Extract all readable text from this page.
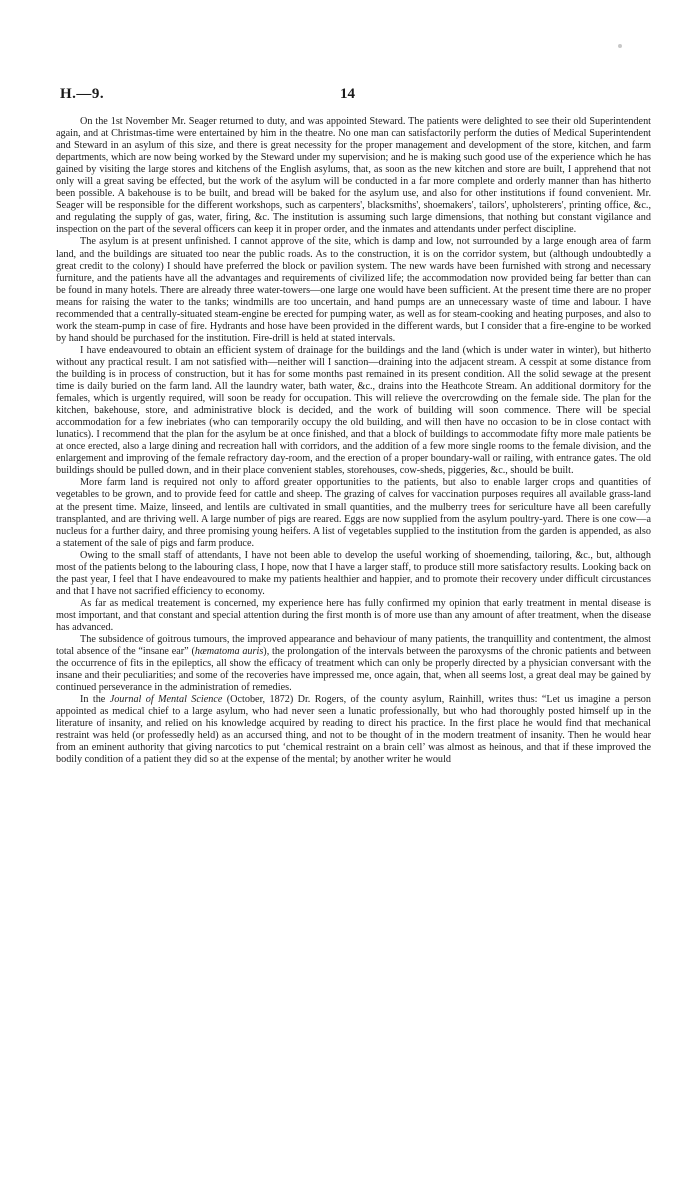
H.—9.	14

On the 1st November Mr. Seager returned to duty, and was appointed Steward. The patients were delighted to see their old Superintendent again, and at Christmas-time were entertained by him in the theatre. No one man can satisfactorily perform the duties of Medical Superintendent and Steward in an asylum of this size, and there is great necessity for the proper management and development of the store, kitchen, and farm departments, which are now being worked by the Steward under my supervision; and he is making such good use of the experience which he has gained by visiting the large stores and kitchens of the English asylums, that, as soon as the new kitchen and store are built, I apprehend that not only will a great saving be effected, but the work of the asylum will be conducted in a far more complete and orderly manner than has hitherto been possible. A bakehouse is to be built, and bread will be baked for the asylum use, and also for other institutions if found convenient. Mr. Seager will be responsible for the different workshops, such as carpenters', blacksmiths', shoemakers', tailors', upholsterers', printing office, &c., and regulating the supply of gas, water, firing, &c. The institution is assuming such large dimensions, that nothing but constant vigilance and inspection on the part of the several officers can keep it in proper order, and the inmates and attendants under perfect discipline.

The asylum is at present unfinished. I cannot approve of the site, which is damp and low, not surrounded by a large enough area of farm land, and the buildings are situated too near the public roads. As to the construction, it is on the corridor system, but (although undoubtedly a great credit to the colony) I should have preferred the block or pavilion system. The new wards have been furnished with strong and necessary furniture, and the patients have all the advantages and requirements of civilized life; the accommodation now provided being far better than can be found in many hotels. There are already three water-towers—one large one would have been sufficient. At the present time there are no proper means for raising the water to the tanks; windmills are too uncertain, and hand pumps are an unnecessary waste of time and labour. I have recommended that a centrally-situated steam-engine be erected for pumping water, as well as for steam-cooking and heating purposes, and also to work the steam-pump in case of fire. Hydrants and hose have been provided in the different wards, but I consider that a fire-engine to be worked by hand should be purchased for the institution. Fire-drill is held at stated intervals.

I have endeavoured to obtain an efficient system of drainage for the buildings and the land (which is under water in winter), but hitherto without any practical result. I am not satisfied with—neither will I sanction—draining into the adjacent stream. A cesspit at some distance from the building is in process of construction, but it has for some months past remained in its present condition. All the solid sewage at the present time is daily buried on the farm land. All the laundry water, bath water, &c., drains into the Heathcote Stream. An additional dormitory for the females, which is urgently required, will soon be ready for occupation. This will relieve the overcrowding on the female side. The plan for the kitchen, bakehouse, store, and administrative block is decided, and the work of building will soon commence. There will be special accommodation for a few inebriates (who can temporarily occupy the old building, and will then have no occasion to be in close contact with lunatics). I recommend that the plan for the asylum be at once finished, and that a block of buildings to accommodate fifty more male patients be at once erected, also a large dining and recreation hall with corridors, and the addition of a few more single rooms to the female division, and the enlargement and improving of the female refractory day-room, and the erection of a proper boundary-wall or railing, with entrance gates. The old buildings should be pulled down, and in their place convenient stables, storehouses, cow-sheds, piggeries, &c., should be built.

More farm land is required not only to afford greater opportunities to the patients, but also to enable larger crops and quantities of vegetables to be grown, and to provide feed for cattle and sheep. The grazing of calves for vaccination purposes requires all available grass-land at the present time. Maize, linseed, and lentils are cultivated in small quantities, and the mulberry trees for sericulture have all been carefully transplanted, and are thriving well. A large number of pigs are reared. Eggs are now supplied from the asylum poultry-yard. There is one cow—a nucleus for a further dairy, and three promising young heifers. A list of vegetables supplied to the institution from the garden is appended, as also a statement of the sale of pigs and farm produce.

Owing to the small staff of attendants, I have not been able to develop the useful working of shoemending, tailoring, &c., but, although most of the patients belong to the labouring class, I hope, now that I have a larger staff, to produce still more satisfactory results. Looking back on the past year, I feel that I have endeavoured to make my patients healthier and happier, and to promote their recovery under difficult circustances and that I have not sacrified efficiency to economy.

As far as medical treatement is concerned, my experience here has fully confirmed my opinion that early treatment in mental disease is most important, and that constant and special attention during the first month is of more use than any amount of after treatment, when the disease has advanced.

The subsidence of goitrous tumours, the improved appearance and behaviour of many patients, the tranquillity and contentment, the almost total absence of the “insane ear” (hæmatoma auris), the prolongation of the intervals between the paroxysms of the chronic patients and between the occurrence of fits in the epileptics, all show the efficacy of treatment which can only be properly directed by a physician conversant with the insane and their peculiarities; and some of the recoveries have impressed me, once again, that, when all seems lost, a great deal may be gained by continued perseverance in the administration of remedies.

In the Journal of Mental Science (October, 1872) Dr. Rogers, of the county asylum, Rainhill, writes thus: “Let us imagine a person appointed as medical chief to a large asylum, who had never seen a lunatic professionally, but who had thoroughly posted himself up in the literature of insanity, and relied on his knowledge acquired by reading to direct his practice. In the first place he would find that mechanical restraint was held (or professedly held) as an accursed thing, and not to be thought of in the modern treatment of insanity. Then he would hear from an eminent authority that giving narcotics to put ‘chemical restraint on a brain cell’ was almost as heinous, and that if these improved the bodily condition of a patient they did so at the expense of the mental; by another writer he would
